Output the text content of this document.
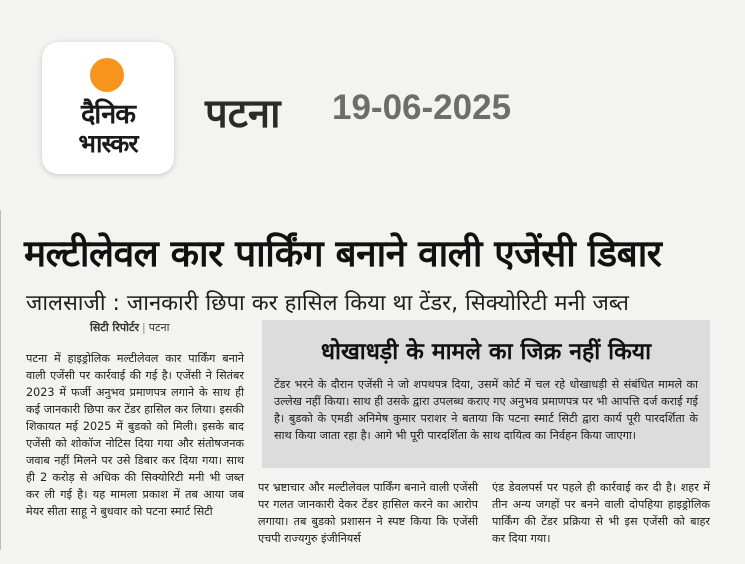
दैनिक
भास्कर
पटना 19-06-2025
मल्टीलेवल कार पार्किंग बनाने वाली एजेंसी डिबार
जालसाजी : जानकारी छिपा कर हासिल किया था टेंडर, सिक्योरिटी मनी जब्त
सिटी रिपोर्टर | पटना
पटना में हाइड्रोलिक मल्टीलेवल कार पार्किंग बनाने वाली एजेंसी पर कार्रवाई की गई है। एजेंसी ने सितंबर 2023 में फर्जी अनुभव प्रमाणपत्र लगाने के साथ ही कई जानकारी छिपा कर टेंडर हासिल कर लिया। इसकी शिकायत मई 2025 में बुडको को मिली। इसके बाद एजेंसी को शोकॉज नोटिस दिया गया और संतोषजनक जवाब नहीं मिलने पर उसे डिबार कर दिया गया। साथ ही 2 करोड़ से अधिक की सिक्योरिटी मनी भी जब्त कर ली गई है। यह मामला प्रकाश में तब आया जब मेयर सीता साहू ने बुधवार को पटना स्मार्ट सिटी
धोखाधड़ी के मामले का जिक्र नहीं किया
टेंडर भरने के दौरान एजेंसी ने जो शपथपत्र दिया, उसमें कोर्ट में चल रहे धोखाधड़ी से संबंधित मामले का उल्लेख नहीं किया। साथ ही उसके द्वारा उपलब्ध कराए गए अनुभव प्रमाणपत्र पर भी आपत्ति दर्ज कराई गई है। बुडको के एमडी अनिमेष कुमार पराशर ने बताया कि पटना स्मार्ट सिटी द्वारा कार्य पूरी पारदर्शिता के साथ किया जाता रहा है। आगे भी पूरी पारदर्शिता के साथ दायित्व का निर्वहन किया जाएगा।
पर भ्रष्टाचार और मल्टीलेवल पार्किंग बनाने वाली एजेंसी पर गलत जानकारी देकर टेंडर हासिल करने का आरोप लगाया। तब बुडको प्रशासन ने स्पष्ट किया कि एजेंसी एचपी राज्यगुरु इंजीनियर्स
एंड डेवलपर्स पर पहले ही कार्रवाई कर दी है। शहर में तीन अन्य जगहों पर बनने वाली दोपहिया हाइड्रोलिक पार्किंग की टेंडर प्रक्रिया से भी इस एजेंसी को बाहर कर दिया गया।
